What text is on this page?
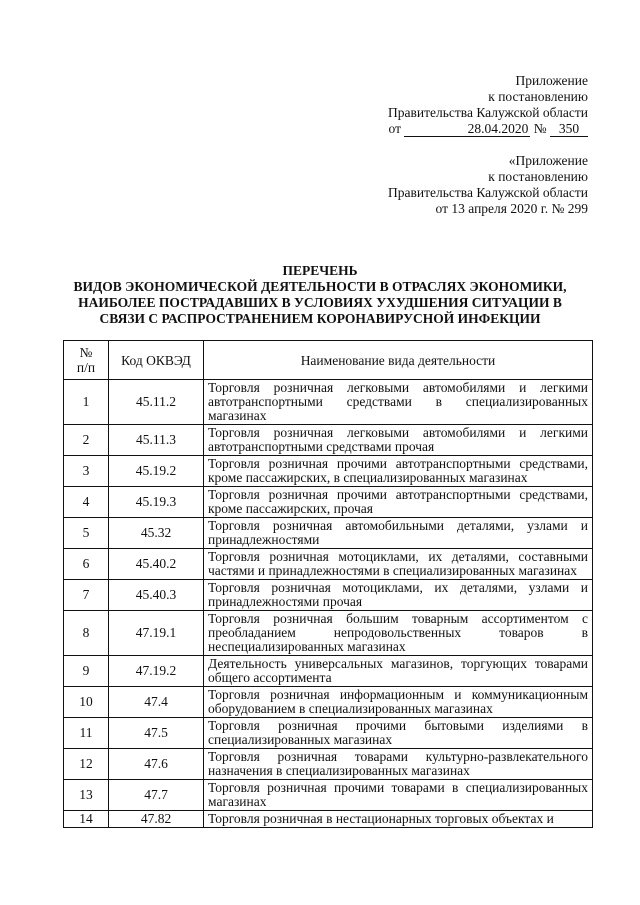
Приложение
к постановлению
Правительства Калужской области
от	28.04.2020 № 350
«Приложение
к постановлению
Правительства Калужской области
от 13 апреля 2020 г. № 299
ПЕРЕЧЕНЬ
ВИДОВ ЭКОНОМИЧЕСКОЙ ДЕЯТЕЛЬНОСТИ В ОТРАСЛЯХ ЭКОНОМИКИ,
НАИБОЛЕЕ ПОСТРАДАВШИХ В УСЛОВИЯХ УХУДШЕНИЯ СИТУАЦИИ В
СВЯЗИ С РАСПРОСТРАНЕНИЕМ КОРОНАВИРУСНОЙ ИНФЕКЦИИ
№
п/п	Код ОКВЭД	Наименование вида деятельности
1	45.11.2	Торговля розничная легковыми автомобилями и легкими автотранспортными средствами в специализированных магазинах
2	45.11.3	Торговля розничная легковыми автомобилями и легкими автотранспортными средствами прочая
3	45.19.2	Торговля розничная прочими автотранспортными средствами, кроме пассажирских, в специализированных магазинах
4	45.19.3	Торговля розничная прочими автотранспортными средствами, кроме пассажирских, прочая
5	45.32	Торговля розничная автомобильными деталями, узлами и принадлежностями
6	45.40.2	Торговля розничная мотоциклами, их деталями, составными частями и принадлежностями в специализированных магазинах
7	45.40.3	Торговля розничная мотоциклами, их деталями, узлами и принадлежностями прочая
8	47.19.1	Торговля розничная большим товарным ассортиментом с преобладанием непродовольственных товаров в неспециализированных магазинах
9	47.19.2	Деятельность универсальных магазинов, торгующих товарами общего ассортимента
10	47.4	Торговля розничная информационным и коммуникационным оборудованием в специализированных магазинах
11	47.5	Торговля розничная прочими бытовыми изделиями в специализированных магазинах
12	47.6	Торговля розничная товарами культурно-развлекательного назначения в специализированных магазинах
13	47.7	Торговля розничная прочими товарами в специализированных магазинах
14	47.82	Торговля розничная в нестационарных торговых объектах и
